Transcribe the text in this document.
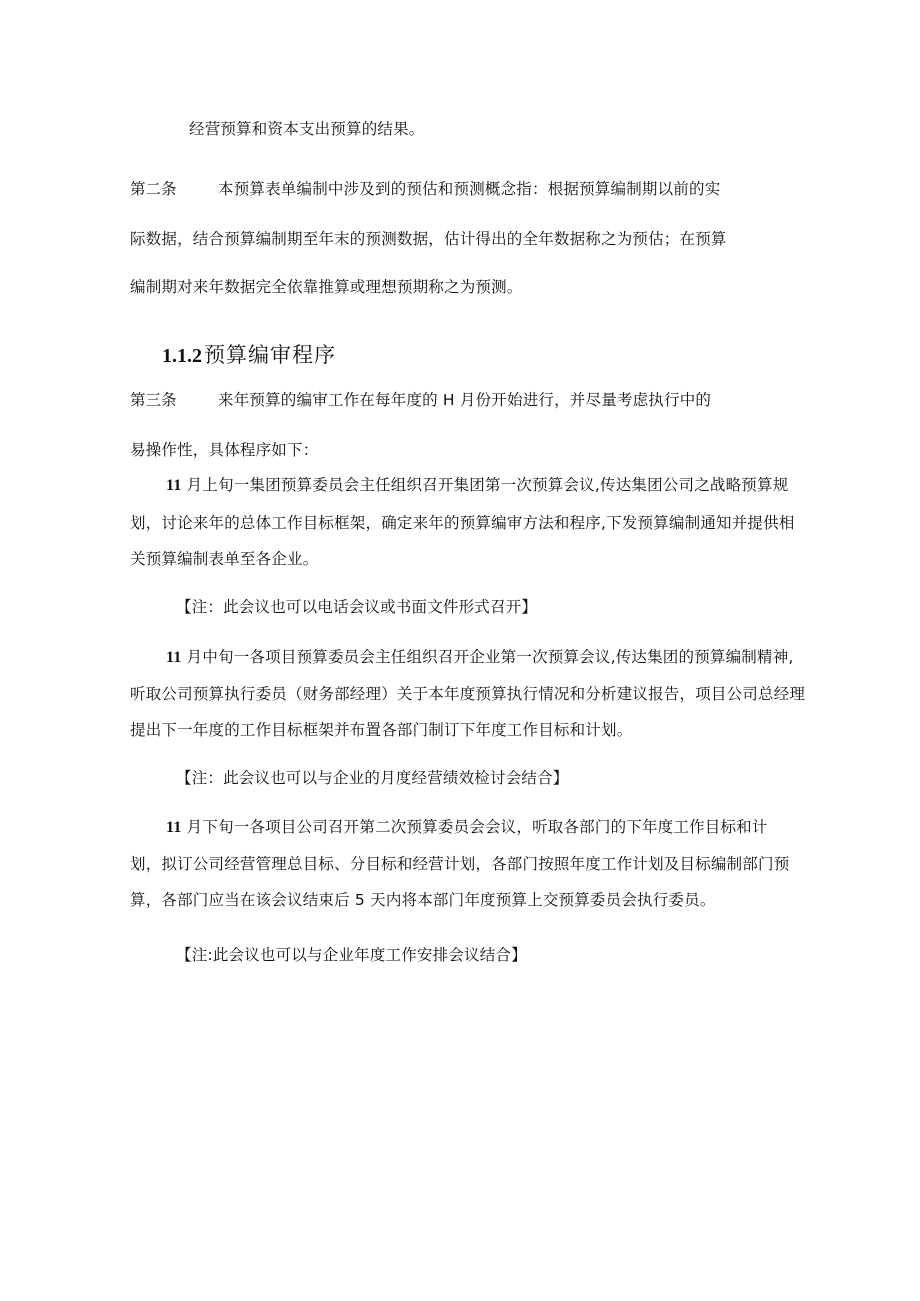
经营预算和资本支出预算的结果。
第二条	本预算表单编制中涉及到的预估和预测概念指：根据预算编制期以前的实
际数据，结合预算编制期至年末的预测数据，估计得出的全年数据称之为预估；在预算
编制期对来年数据完全依靠推算或理想预期称之为预测。
1.1.2预算编审程序
第三条	来年预算的编审工作在每年度的 H 月份开始进行，并尽量考虑执行中的
易操作性，具体程序如下：
11 月上旬一集团预算委员会主任组织召开集团第一次预算会议,传达集团公司之战略预算规
划，讨论来年的总体工作目标框架，确定来年的预算编审方法和程序,下发预算编制通知并提供相
关预算编制表单至各企业。
【注：此会议也可以电话会议或书面文件形式召开】
11 月中旬一各项目预算委员会主任组织召开企业第一次预算会议,传达集团的预算编制精神,
听取公司预算执行委员（财务部经理）关于本年度预算执行情况和分析建议报告，项目公司总经理
提出下一年度的工作目标框架并布置各部门制订下年度工作目标和计划。
【注：此会议也可以与企业的月度经营绩效检讨会结合】
11 月下旬一各项目公司召开第二次预算委员会会议，听取各部门的下年度工作目标和计
划，拟订公司经营管理总目标、分目标和经营计划，各部门按照年度工作计划及目标编制部门预
算，各部门应当在该会议结束后 5 天内将本部门年度预算上交预算委员会执行委员。
【注:此会议也可以与企业年度工作安排会议结合】
